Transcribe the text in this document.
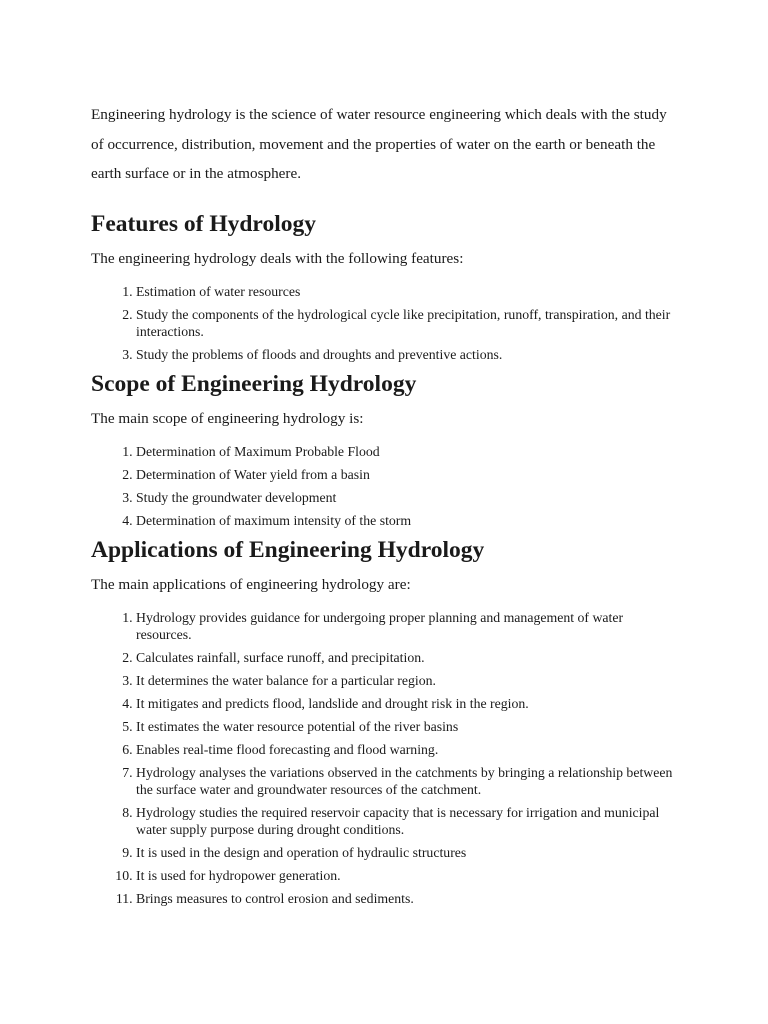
Engineering hydrology is the science of water resource engineering which deals with the study of occurrence, distribution, movement and the properties of water on the earth or beneath the earth surface or in the atmosphere.

Features of Hydrology

The engineering hydrology deals with the following features:

1. Estimation of water resources
2. Study the components of the hydrological cycle like precipitation, runoff, transpiration, and their interactions.
3. Study the problems of floods and droughts and preventive actions.
Scope of Engineering Hydrology

The main scope of engineering hydrology is:

1. Determination of Maximum Probable Flood
2. Determination of Water yield from a basin
3. Study the groundwater development
4. Determination of maximum intensity of the storm
Applications of Engineering Hydrology

The main applications of engineering hydrology are:

1. Hydrology provides guidance for undergoing proper planning and management of water resources.
2. Calculates rainfall, surface runoff, and precipitation.
3. It determines the water balance for a particular region.
4. It mitigates and predicts flood, landslide and drought risk in the region.
5. It estimates the water resource potential of the river basins
6. Enables real-time flood forecasting and flood warning.
7. Hydrology analyses the variations observed in the catchments by bringing a relationship between the surface water and groundwater resources of the catchment.
8. Hydrology studies the required reservoir capacity that is necessary for irrigation and municipal water supply purpose during drought conditions.
9. It is used in the design and operation of hydraulic structures
10. It is used for hydropower generation.
11. Brings measures to control erosion and sediments.
